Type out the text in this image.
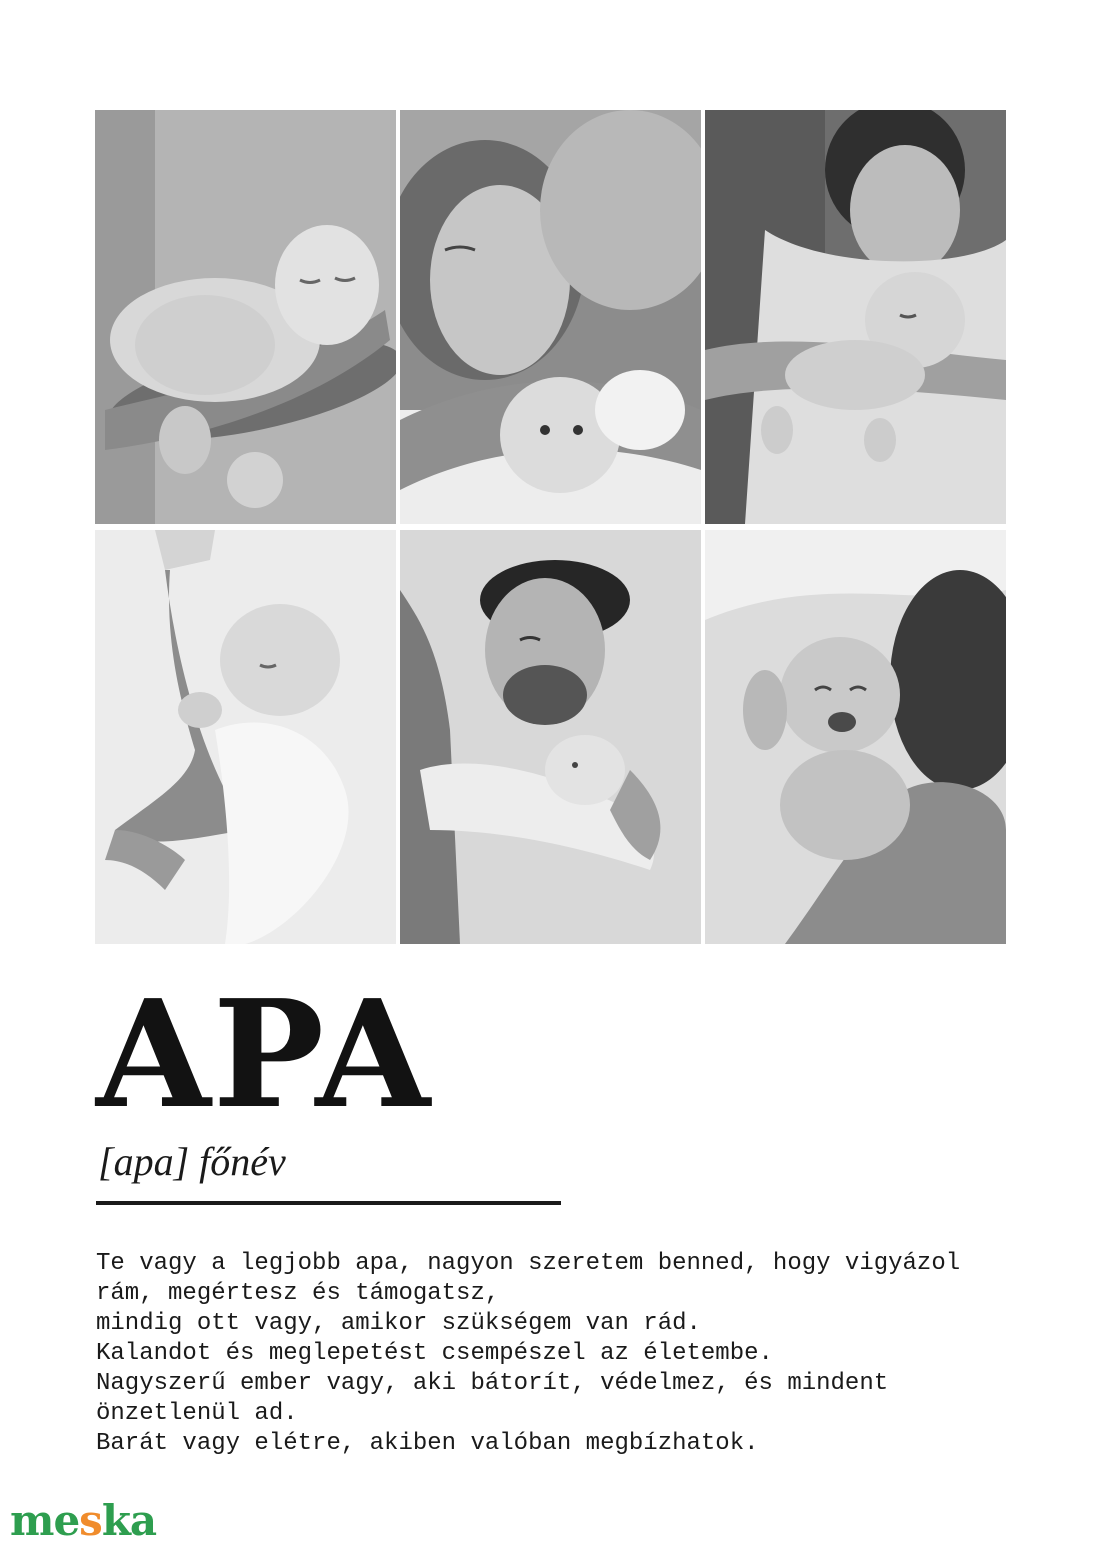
APA

[apa] főnév

Te vagy a legjobb apa, nagyon szeretem benned, hogy vigyázol rám, megértesz és támogatsz,

mindig ott vagy, amikor szükségem van rád.

Kalandot és meglepetést csempészel az életembe.

Nagyszerű ember vagy, aki bátorít, védelmez, és mindent önzetlenül ad.

Barát vagy elétre, akiben valóban megbízhatok.

meska
